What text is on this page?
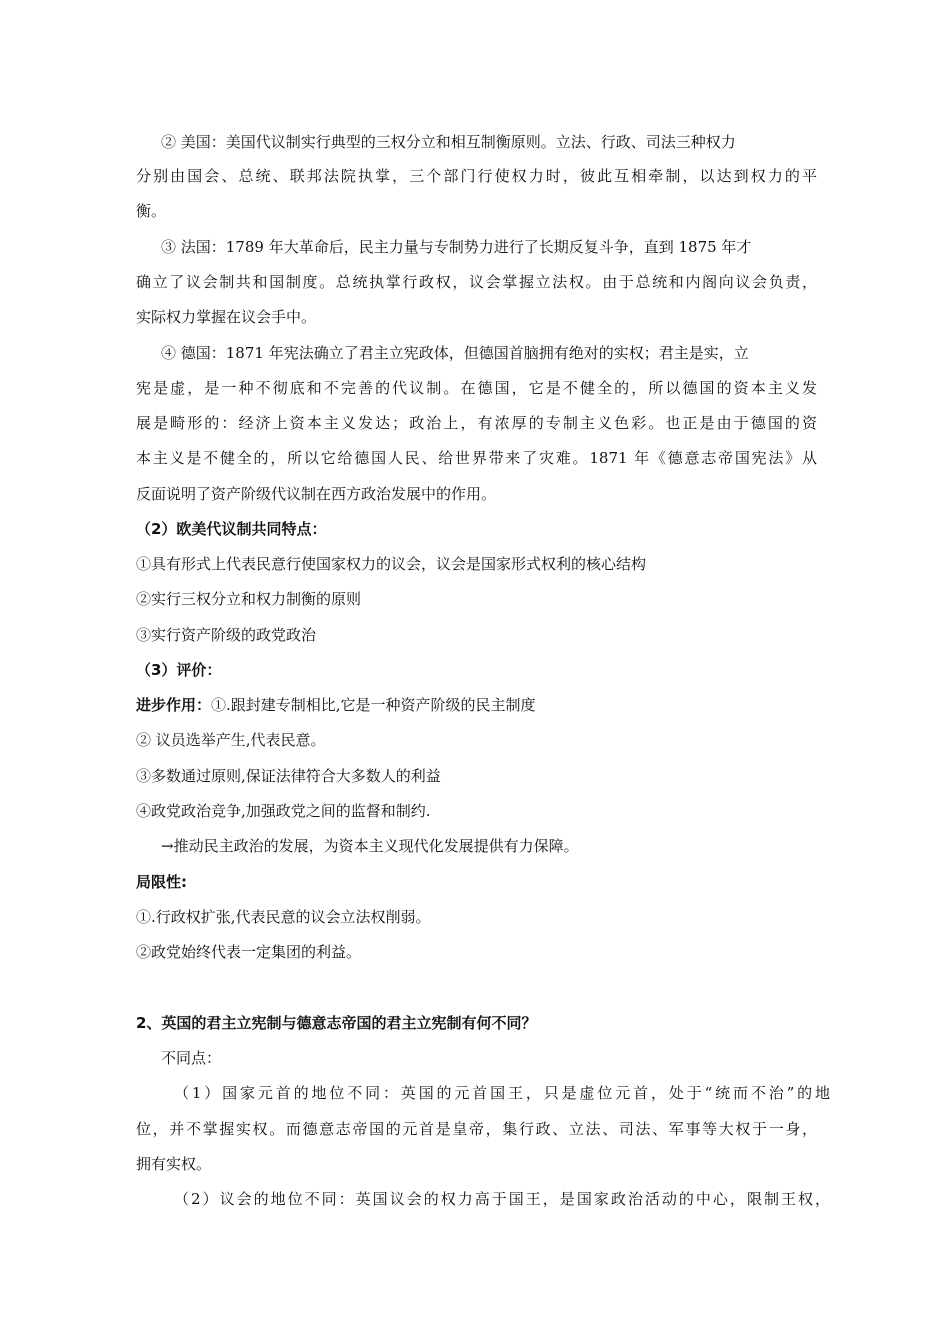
② 美国：美国代议制实行典型的三权分立和相互制衡原则。立法、行政、司法三种权力
分别由国会、总统、联邦法院执掌，三个部门行使权力时，彼此互相牵制，以达到权力的平
衡。
③ 法国：1789 年大革命后，民主力量与专制势力进行了长期反复斗争，直到 1875 年才
确立了议会制共和国制度。总统执掌行政权，议会掌握立法权。由于总统和内阁向议会负责，
实际权力掌握在议会手中。
④ 德国：1871 年宪法确立了君主立宪政体，但德国首脑拥有绝对的实权；君主是实，立
宪是虚，是一种不彻底和不完善的代议制。在德国，它是不健全的，所以德国的资本主义发
展是畸形的：经济上资本主义发达；政治上，有浓厚的专制主义色彩。也正是由于德国的资
本主义是不健全的，所以它给德国人民、给世界带来了灾难。1871 年《德意志帝国宪法》从
反面说明了资产阶级代议制在西方政治发展中的作用。
（2）欧美代议制共同特点：
①具有形式上代表民意行使国家权力的议会，议会是国家形式权利的核心结构
②实行三权分立和权力制衡的原则
③实行资产阶级的政党政治
（3）评价：
进步作用：①.跟封建专制相比,它是一种资产阶级的民主制度
② 议员选举产生,代表民意。
③多数通过原则,保证法律符合大多数人的利益
④政党政治竞争,加强政党之间的监督和制约.
→推动民主政治的发展，为资本主义现代化发展提供有力保障。
局限性:
①.行政权扩张,代表民意的议会立法权削弱。
②政党始终代表一定集团的利益。
2、英国的君主立宪制与德意志帝国的君主立宪制有何不同？
不同点：
（1）国家元首的地位不同：英国的元首国王，只是虚位元首，处于“统而不治”的地
位，并不掌握实权。而德意志帝国的元首是皇帝，集行政、立法、司法、军事等大权于一身，
拥有实权。
（2）议会的地位不同：英国议会的权力高于国王，是国家政治活动的中心，限制王权，
